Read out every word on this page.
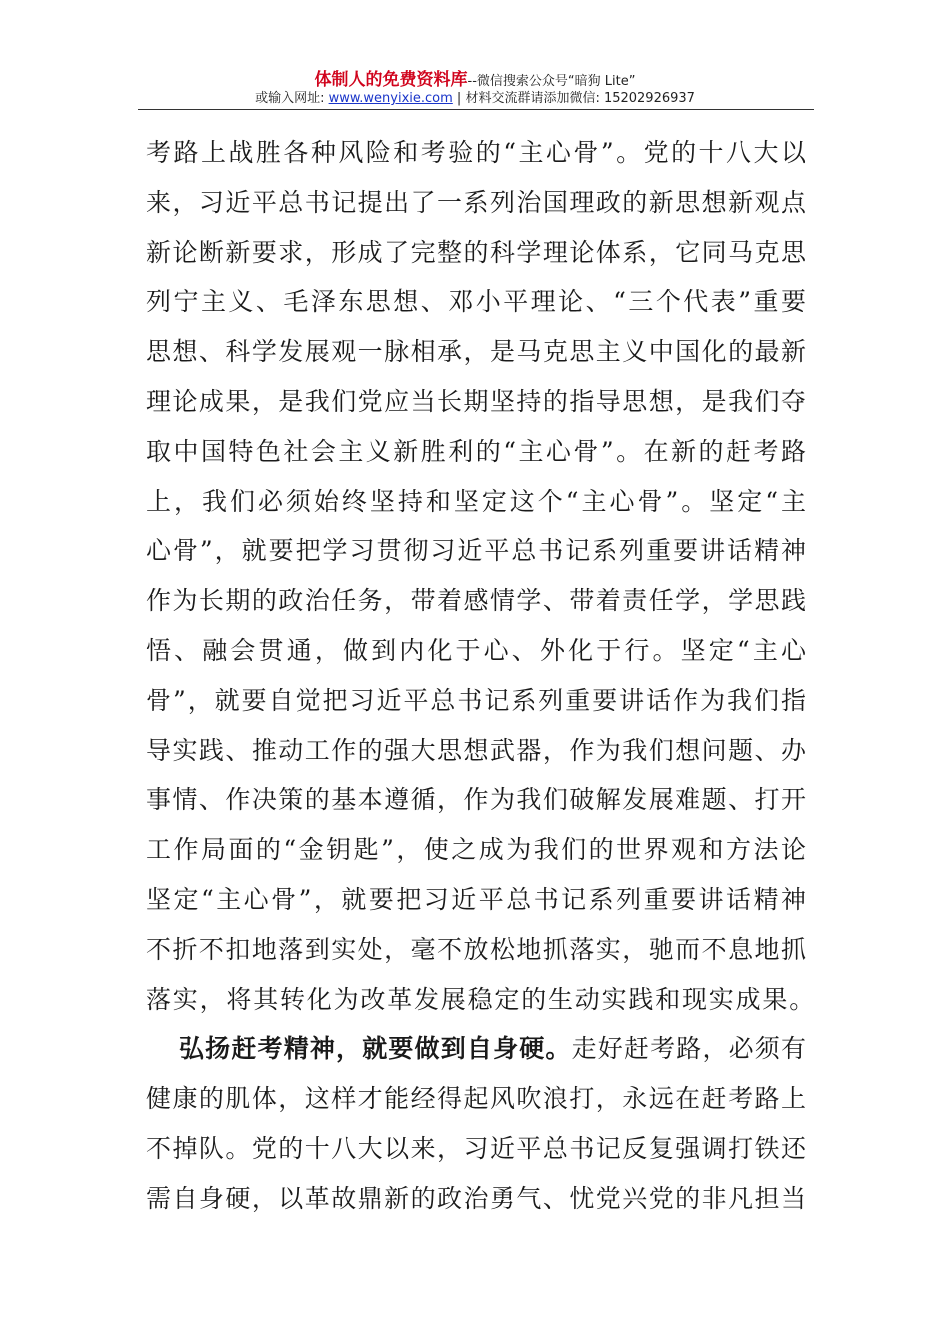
体制人的免费资料库--微信搜索公众号“暗狗 Lite”
或输入网址: www.wenyixie.com | 材料交流群请添加微信: 15202926937
考路上战胜各种风险和考验的“主心骨”。党的十八大以
来，习近平总书记提出了一系列治国理政的新思想新观点
新论断新要求，形成了完整的科学理论体系，它同马克思
列宁主义、毛泽东思想、邓小平理论、“三个代表”重要
思想、科学发展观一脉相承，是马克思主义中国化的最新
理论成果，是我们党应当长期坚持的指导思想，是我们夺
取中国特色社会主义新胜利的“主心骨”。在新的赶考路
上，我们必须始终坚持和坚定这个“主心骨”。坚定“主
心骨”，就要把学习贯彻习近平总书记系列重要讲话精神
作为长期的政治任务，带着感情学、带着责任学，学思践
悟、融会贯通，做到内化于心、外化于行。坚定“主心
骨”，就要自觉把习近平总书记系列重要讲话作为我们指
导实践、推动工作的强大思想武器，作为我们想问题、办
事情、作决策的基本遵循，作为我们破解发展难题、打开
工作局面的“金钥匙”，使之成为我们的世界观和方法论
坚定“主心骨”，就要把习近平总书记系列重要讲话精神
不折不扣地落到实处，毫不放松地抓落实，驰而不息地抓
落实，将其转化为改革发展稳定的生动实践和现实成果。
弘扬赶考精神，就要做到自身硬。走好赶考路，必须有
健康的肌体，这样才能经得起风吹浪打，永远在赶考路上
不掉队。党的十八大以来，习近平总书记反复强调打铁还
需自身硬，以革故鼎新的政治勇气、忧党兴党的非凡担当
